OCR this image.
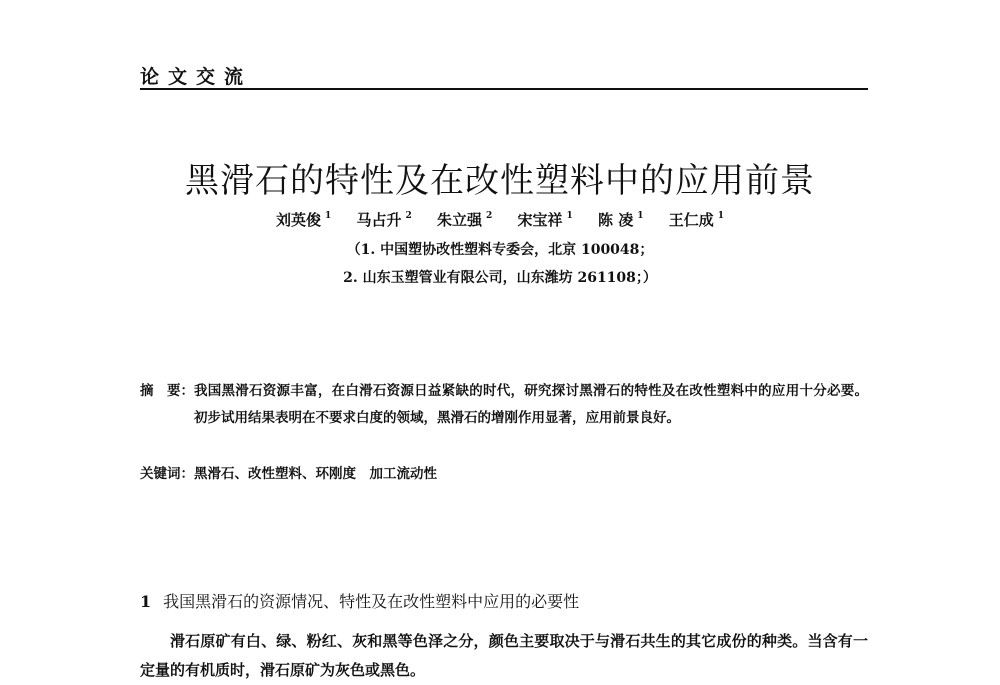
论文交流
黑滑石的特性及在改性塑料中的应用前景
刘英俊 $^1$ 马占升 $^2$ 朱立强 $^2$ 宋宝祥 $^1$ 陈 凌 $^1$ 王仁成 $^1$
（1. 中国塑协改性塑料专委会，北京 100048；
2. 山东玉塑管业有限公司，山东潍坊 261108；）
摘　要： 我国黑滑石资源丰富，在白滑石资源日益紧缺的时代，研究探讨黑滑石的特性及在改性塑料中的应用十分必要。初步试用结果表明在不要求白度的领域，黑滑石的增刚作用显著，应用前景良好。
关键词： 黑滑石、改性塑料、环刚度　加工流动性
1 我国黑滑石的资源情况、特性及在改性塑料中应用的必要性

滑石原矿有白、绿、粉红、灰和黑等色泽之分，颜色主要取决于与滑石共生的其它成份的种类。当含有一定量的有机质时，滑石原矿为灰色或黑色。
